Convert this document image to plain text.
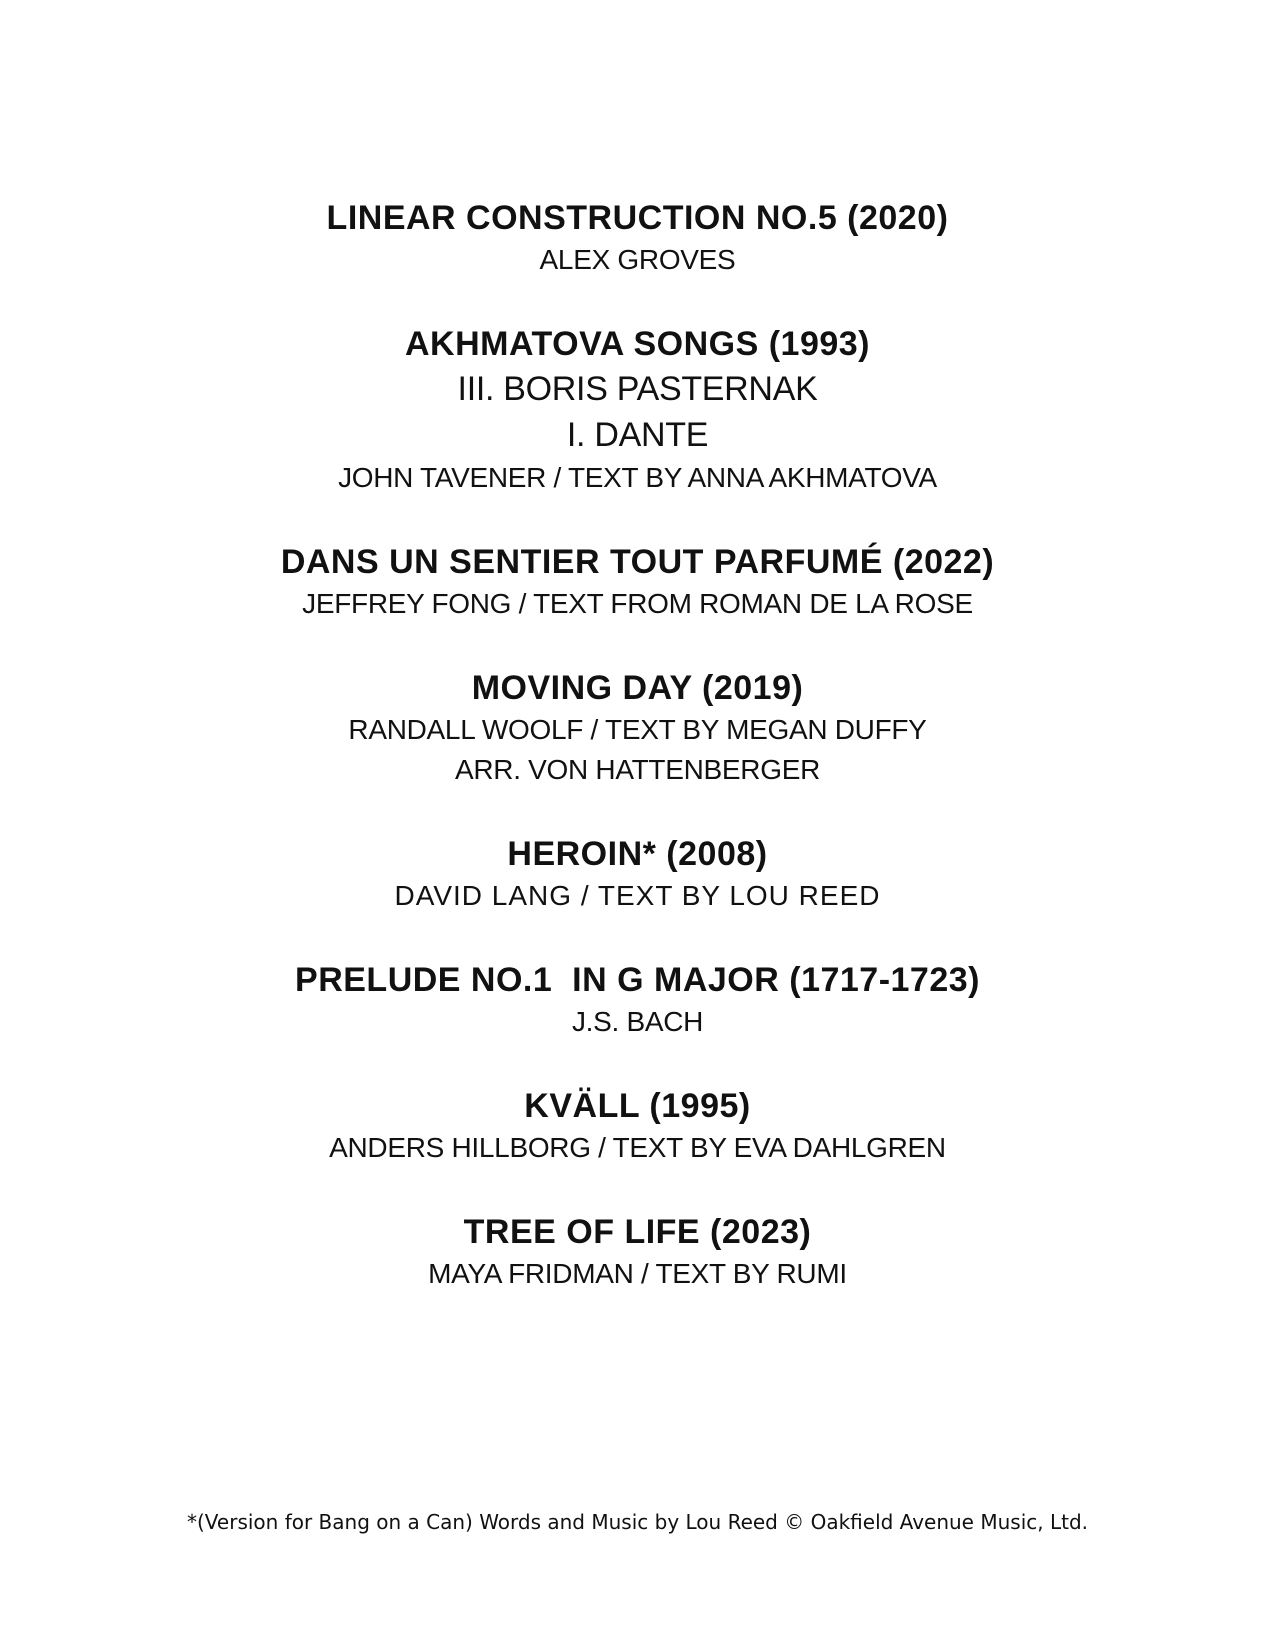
LINEAR CONSTRUCTION NO.5 (2020)

ALEX GROVES

AKHMATOVA SONGS (1993)

III. BORIS PASTERNAK

I. DANTE

JOHN TAVENER / TEXT BY ANNA AKHMATOVA

DANS UN SENTIER TOUT PARFUMÉ (2022)

JEFFREY FONG / TEXT FROM ROMAN DE LA ROSE

MOVING DAY (2019)

RANDALL WOOLF / TEXT BY MEGAN DUFFY

ARR. VON HATTENBERGER

HEROIN* (2008)

DAVID LANG / TEXT BY LOU REED

PRELUDE NO.1  IN G MAJOR (1717-1723)

J.S. BACH

KVÄLL (1995)

ANDERS HILLBORG / TEXT BY EVA DAHLGREN

TREE OF LIFE (2023)

MAYA FRIDMAN / TEXT BY RUMI

*(Version for Bang on a Can) Words and Music by Lou Reed © Oakfield Avenue Music, Ltd.
